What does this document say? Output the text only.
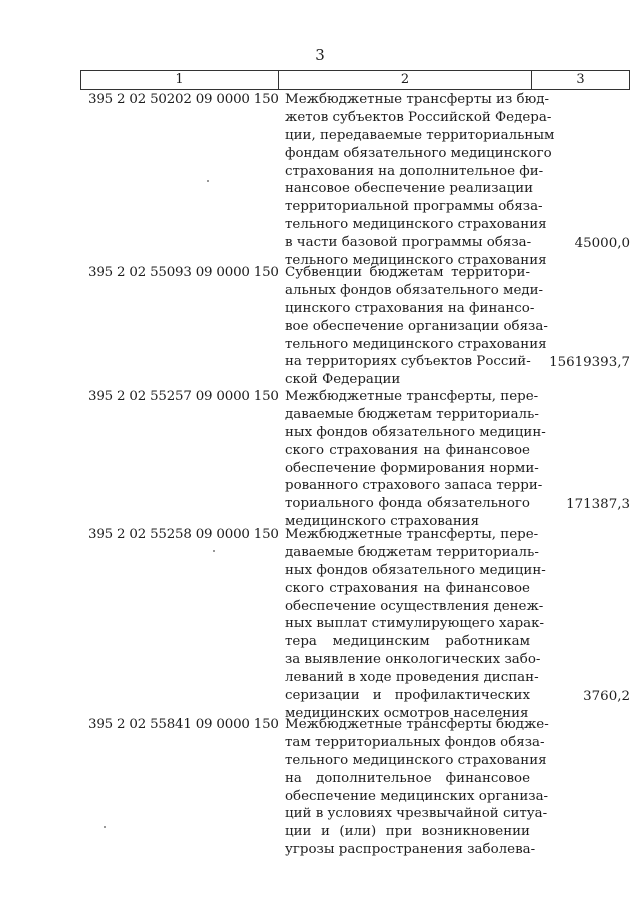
3
1	2	3
395 2 02 50202 09 0000 150 Межбюджетные трансферты из бюд-
жетов субъектов Российской Федера-
ции, передаваемые территориальным
фондам обязательного медицинского
страхования на дополнительное фи-
нансовое обеспечение реализации
территориальной программы обяза-
тельного медицинского страхования
в части базовой программы обяза-
тельного медицинского страхования
45000,0
395 2 02 55093 09 0000 150 Субвенции бюджетам территори-
альных фондов обязательного меди-
цинского страхования на финансо-
вое обеспечение организации обяза-
тельного медицинского страхования
на территориях субъектов Россий-
ской Федерации
15619393,7
395 2 02 55257 09 0000 150 Межбюджетные трансферты, пере-
даваемые бюджетам территориаль-
ных фондов обязательного медицин-
ского страхования на финансовое
обеспечение формирования норми-
рованного страхового запаса терри-
ториального фонда обязательного
медицинского страхования
171387,3
395 2 02 55258 09 0000 150 Межбюджетные трансферты, пере-
даваемые бюджетам территориаль-
ных фондов обязательного медицин-
ского страхования на финансовое
обеспечение осуществления денеж-
ных выплат стимулирующего харак-
тера медицинским работникам
за выявление онкологических забо-
леваний в ходе проведения диспан-
серизации и профилактических
медицинских осмотров населения
3760,2
395 2 02 55841 09 0000 150 Межбюджетные трансферты бюдже-
там территориальных фондов обяза-
тельного медицинского страхования
на дополнительное финансовое
обеспечение медицинских организа-
ций в условиях чрезвычайной ситуа-
ции и (или) при возникновении
угрозы распространения заболева-
